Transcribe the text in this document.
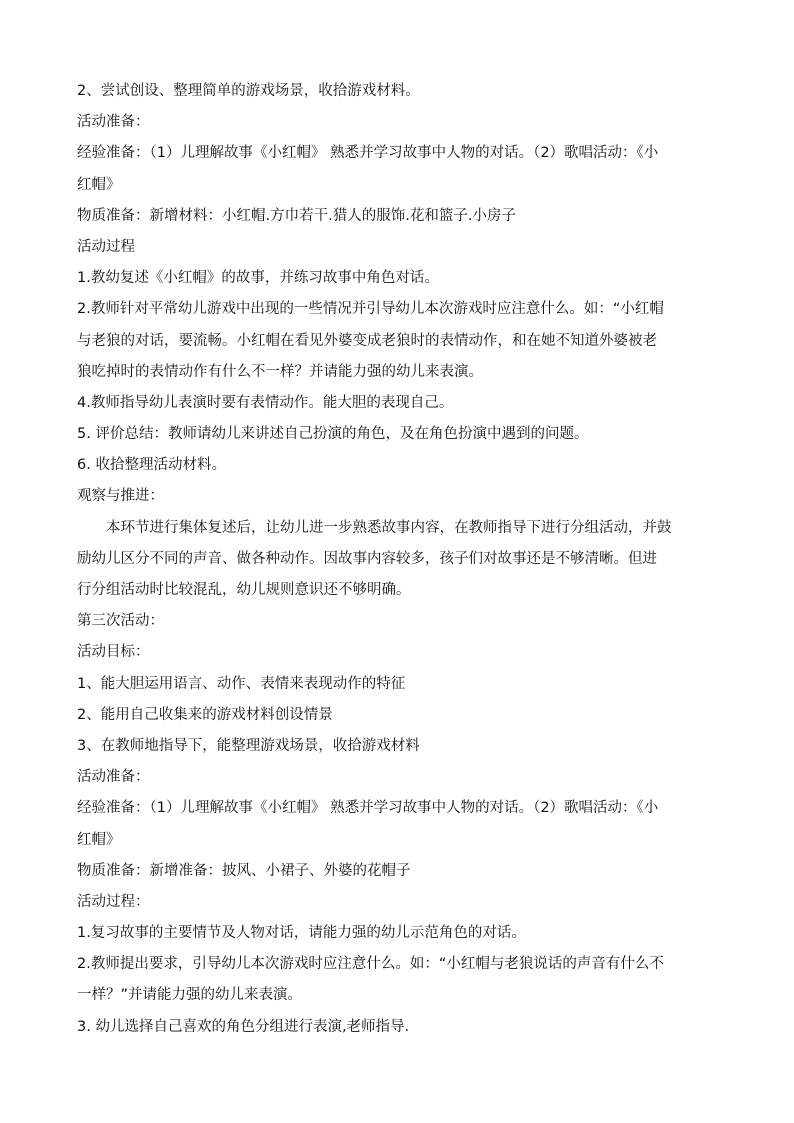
2、尝试创设、整理简单的游戏场景，收拾游戏材料。
活动准备：
经验准备：（1）儿理解故事《小红帽》 熟悉并学习故事中人物的对话。（2）歌唱活动：《小
红帽》
物质准备：新增材料：小红帽.方巾若干.猎人的服饰.花和篮子.小房子
活动过程
1.教幼复述《小红帽》的故事，并练习故事中角色对话。
2.教师针对平常幼儿游戏中出现的一些情况并引导幼儿本次游戏时应注意什么。如：“小红帽
与老狼的对话，要流畅。小红帽在看见外婆变成老狼时的表情动作，和在她不知道外婆被老
狼吃掉时的表情动作有什么不一样？并请能力强的幼儿来表演。
4.教师指导幼儿表演时要有表情动作。能大胆的表现自己。
5. 评价总结：教师请幼儿来讲述自己扮演的角色，及在角色扮演中遇到的问题。
6. 收拾整理活动材料。
观察与推进：
本环节进行集体复述后，让幼儿进一步熟悉故事内容，在教师指导下进行分组活动，并鼓
励幼儿区分不同的声音、做各种动作。因故事内容较多，孩子们对故事还是不够清晰。但进
行分组活动时比较混乱，幼儿规则意识还不够明确。
第三次活动：
活动目标：
1、能大胆运用语言、动作、表情来表现动作的特征
2、能用自己收集来的游戏材料创设情景
3、在教师地指导下，能整理游戏场景，收拾游戏材料
活动准备：
经验准备：（1）儿理解故事《小红帽》 熟悉并学习故事中人物的对话。（2）歌唱活动：《小
红帽》
物质准备：新增准备：披风、小裙子、外婆的花帽子
活动过程：
1.复习故事的主要情节及人物对话，请能力强的幼儿示范角色的对话。
2.教师提出要求，引导幼儿本次游戏时应注意什么。如：“小红帽与老狼说话的声音有什么不
一样？”并请能力强的幼儿来表演。
3. 幼儿选择自己喜欢的角色分组进行表演,老师指导.
